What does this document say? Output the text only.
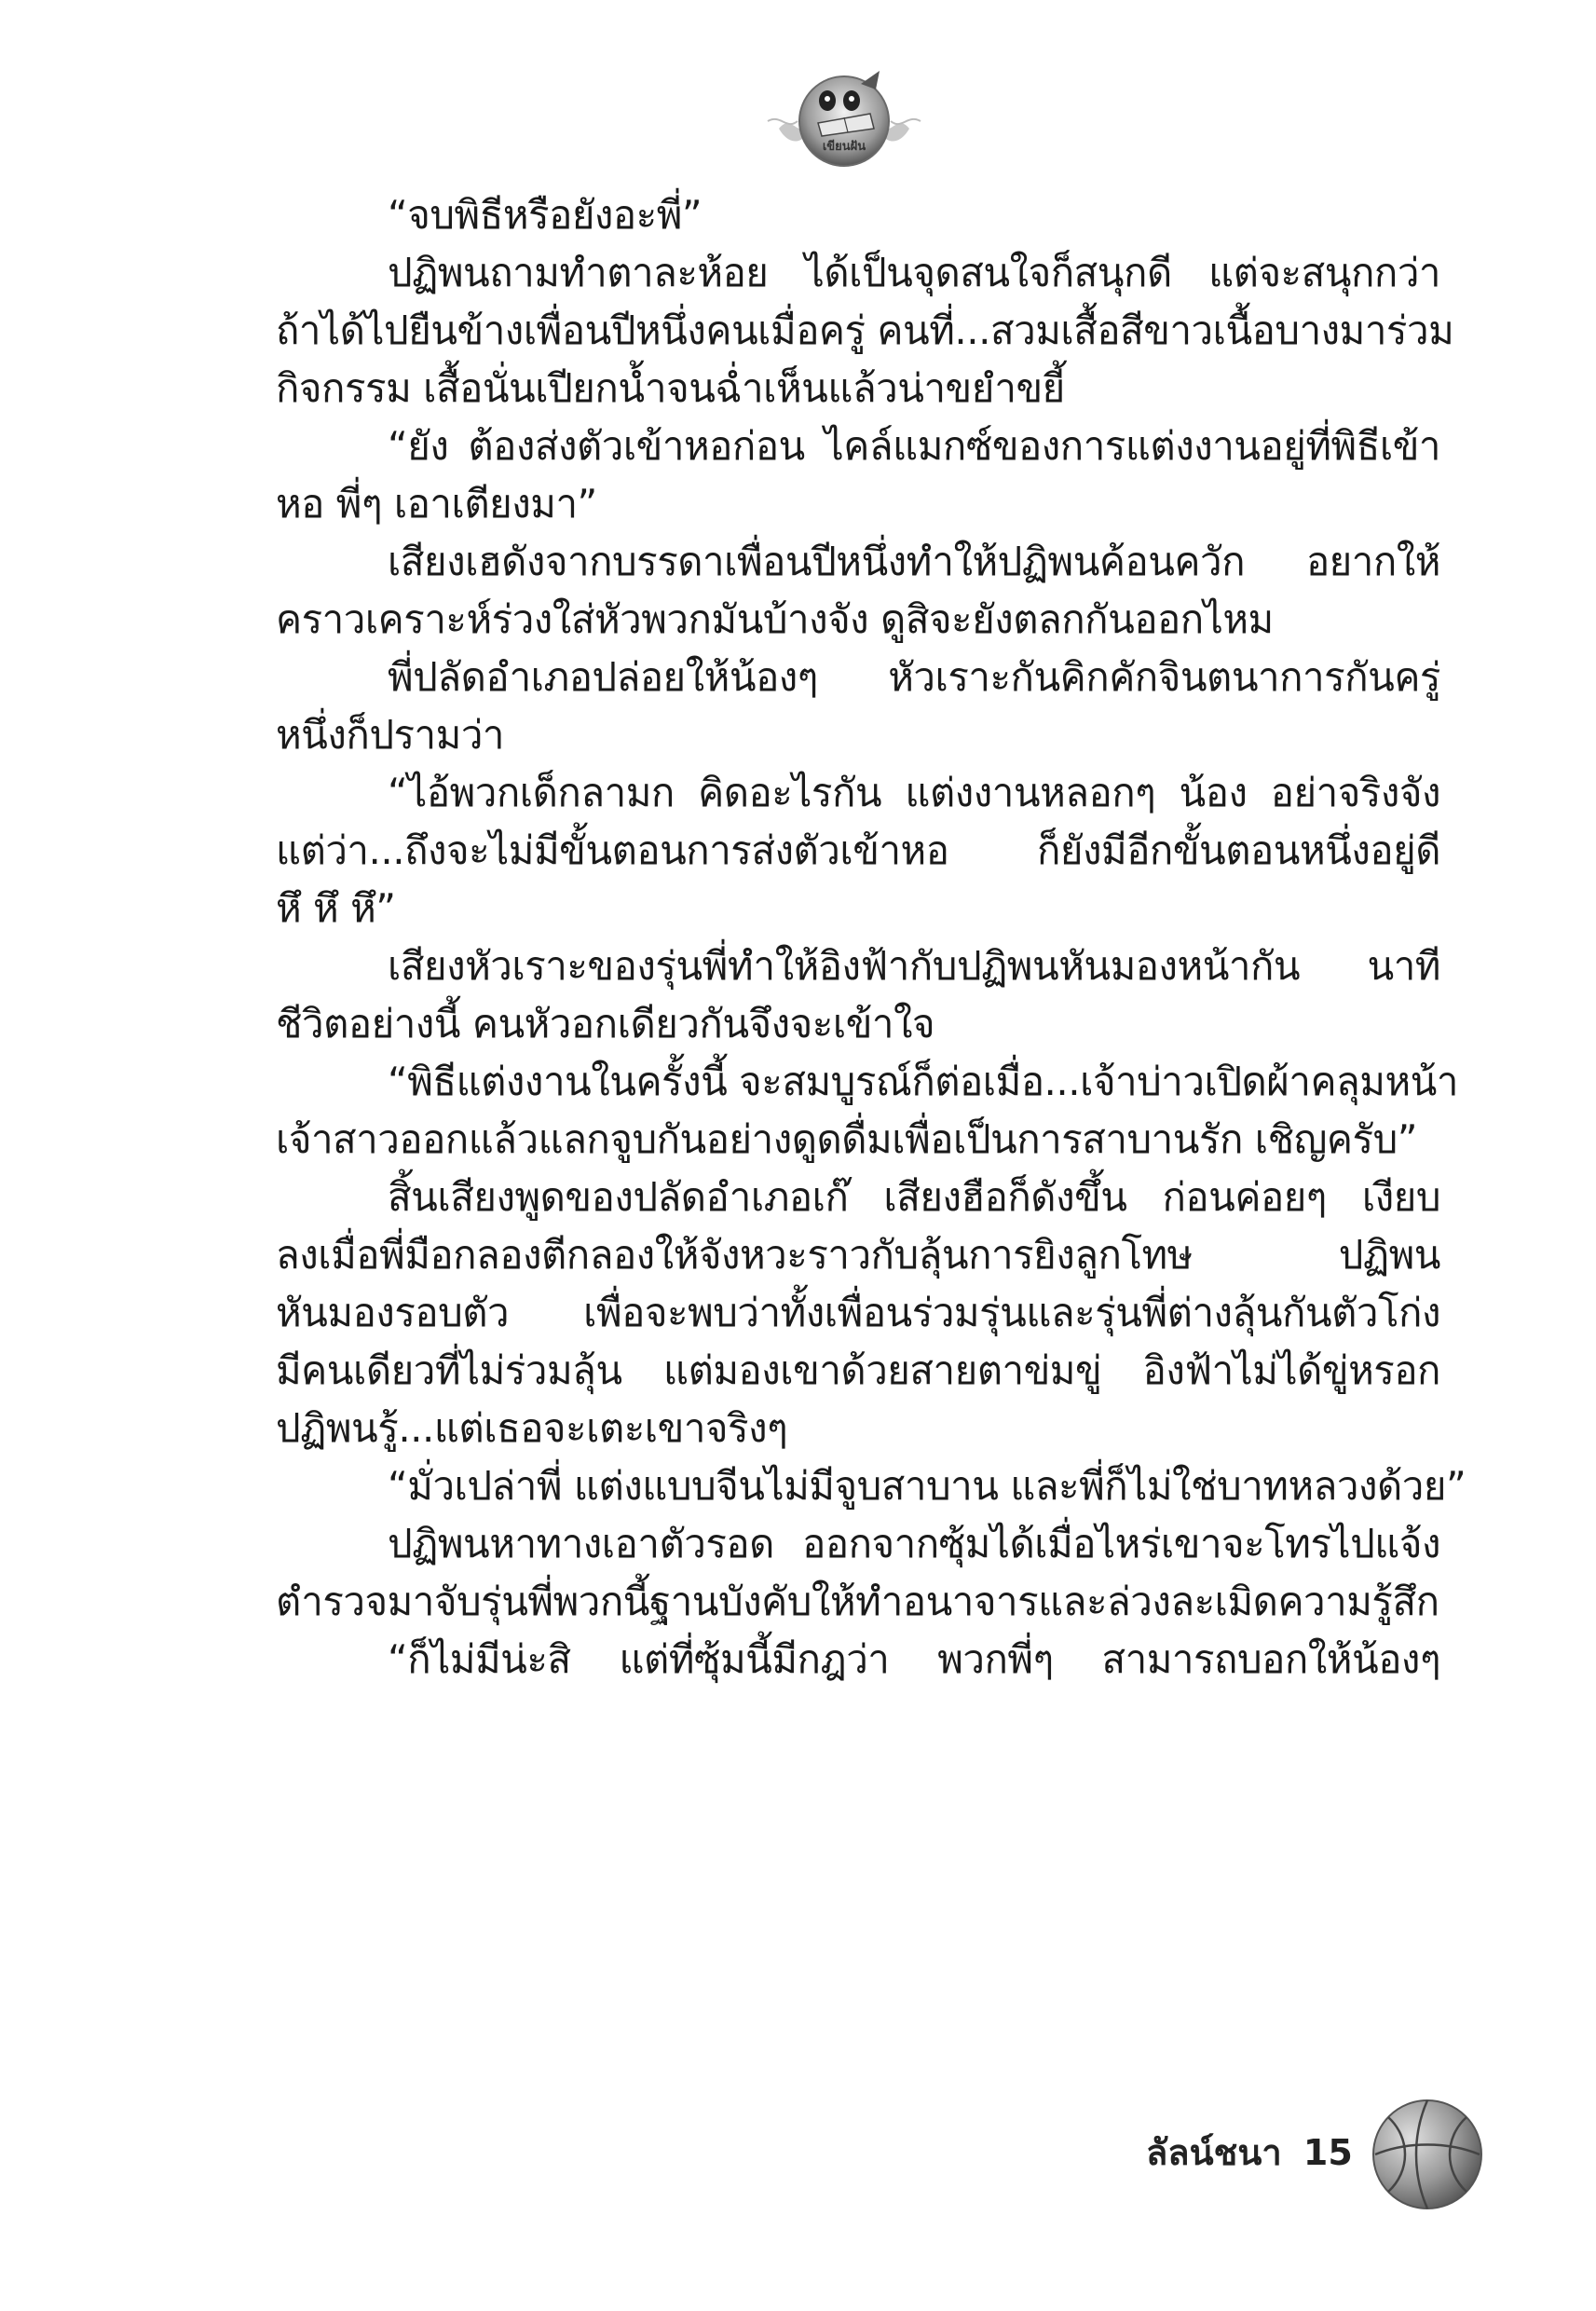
เขียนฝัน
“จบพิธีหรือยังอะพี่”
ปฏิพนถามทำตาละห้อย ได้เป็นจุดสนใจก็สนุกดี แต่จะสนุกกว่า
ถ้าได้ไปยืนข้างเพื่อนปีหนึ่งคนเมื่อครู่ คนที่...สวมเสื้อสีขาวเนื้อบางมาร่วม
กิจกรรม เสื้อนั่นเปียกน้ำจนฉ่ำเห็นแล้วน่าขยำขยี้
“ยัง ต้องส่งตัวเข้าหอก่อน ไคล์แมกซ์ของการแต่งงานอยู่ที่พิธีเข้า
หอ พี่ๆ เอาเตียงมา”
เสียงเฮดังจากบรรดาเพื่อนปีหนึ่งทำให้ปฏิพนค้อนควัก อยากให้
คราวเคราะห์ร่วงใส่หัวพวกมันบ้างจัง ดูสิจะยังตลกกันออกไหม
พี่ปลัดอำเภอปล่อยให้น้องๆ หัวเราะกันคิกคักจินตนาการกันครู่
หนึ่งก็ปรามว่า
“ไอ้พวกเด็กลามก คิดอะไรกัน แต่งงานหลอกๆ น้อง อย่าจริงจัง
แต่ว่า...ถึงจะไม่มีขั้นตอนการส่งตัวเข้าหอ ก็ยังมีอีกขั้นตอนหนึ่งอยู่ดี
หึ หึ หึ”
เสียงหัวเราะของรุ่นพี่ทำให้อิงฟ้ากับปฏิพนหันมองหน้ากัน นาที
ชีวิตอย่างนี้ คนหัวอกเดียวกันจึงจะเข้าใจ
“พิธีแต่งงานในครั้งนี้ จะสมบูรณ์ก็ต่อเมื่อ...เจ้าบ่าวเปิดผ้าคลุมหน้า
เจ้าสาวออกแล้วแลกจูบกันอย่างดูดดื่มเพื่อเป็นการสาบานรัก เชิญครับ”
สิ้นเสียงพูดของปลัดอำเภอเก๊ เสียงฮือก็ดังขึ้น ก่อนค่อยๆ เงียบ
ลงเมื่อพี่มือกลองตีกลองให้จังหวะราวกับลุ้นการยิงลูกโทษ ปฏิพน
หันมองรอบตัว เพื่อจะพบว่าทั้งเพื่อนร่วมรุ่นและรุ่นพี่ต่างลุ้นกันตัวโก่ง
มีคนเดียวที่ไม่ร่วมลุ้น แต่มองเขาด้วยสายตาข่มขู่ อิงฟ้าไม่ได้ขู่หรอก
ปฏิพนรู้...แต่เธอจะเตะเขาจริงๆ
“มั่วเปล่าพี่ แต่งแบบจีนไม่มีจูบสาบาน และพี่ก็ไม่ใช่บาทหลวงด้วย”
ปฏิพนหาทางเอาตัวรอด ออกจากซุ้มได้เมื่อไหร่เขาจะโทรไปแจ้ง
ตำรวจมาจับรุ่นพี่พวกนี้ฐานบังคับให้ทำอนาจารและล่วงละเมิดความรู้สึก
“ก็ไม่มีน่ะสิ แต่ที่ซุ้มนี้มีกฎว่า พวกพี่ๆ สามารถบอกให้น้องๆ
ลัลน์ชนา 15
